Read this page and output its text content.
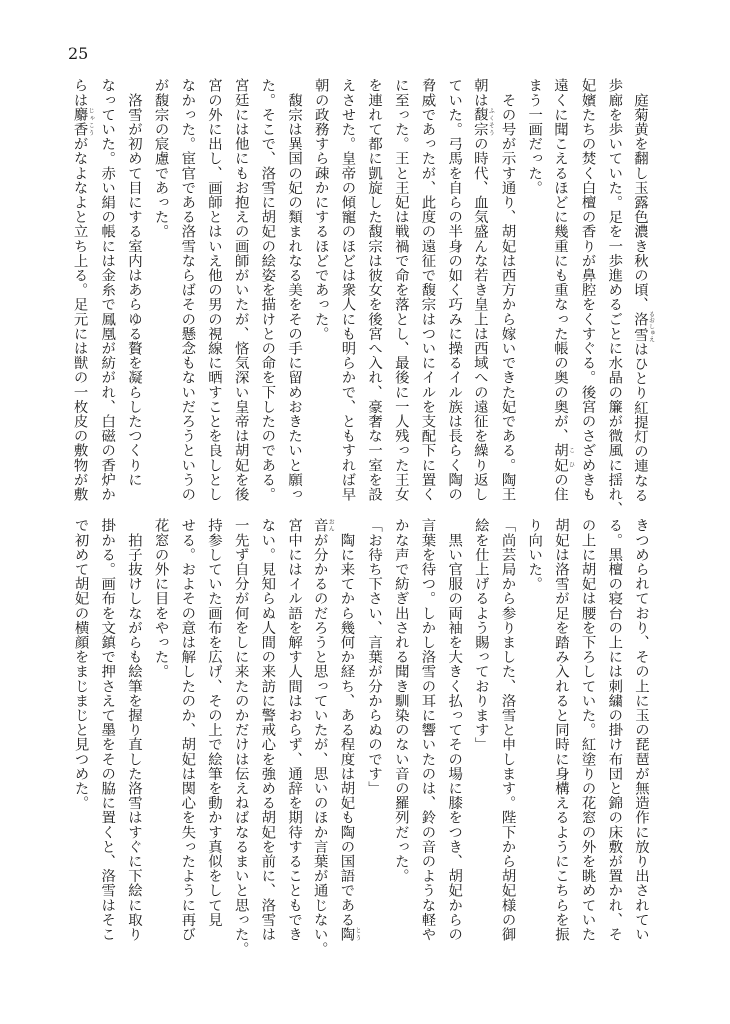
25
　庭菊黄を翻し玉露色濃き秋の頃、洛雪 るおしゅえはひとり紅提灯の連なる
歩廊を歩いていた。足を一歩進めるごとに水晶の簾が微風に揺れ、
妃嬪たちの焚く白檀の香りが鼻腔をくすぐる。後宮のさざめきも
遠くに聞こえるほどに幾重にも重なった帳の奥の奥が、胡妃 こひの住
まう一画だった。
　その号が示す通り、胡妃は西方から嫁いできた妃である。陶王
朝は馥宗 ふくそうの時代、血気盛んな若き皇上は西域への遠征を繰り返し
ていた。弓馬を自らの半身の如く巧みに操るイル族は長らく陶の
脅威であったが、此度の遠征で馥宗はついにイルを支配下に置く
に至った。王と王妃は戦禍で命を落とし、最後に一人残った王女
を連れて都に凱旋した馥宗は彼女を後宮へ入れ、豪奢な一室を設
えさせた。皇帝の傾寵のほどは衆人にも明らかで、ともすれば早
朝の政務すら疎かにするほどであった。
　馥宗は異国の妃の類まれなる美をその手に留めおきたいと願っ
た。そこで、洛雪に胡妃の絵姿を描けとの命を下したのである。
宮廷には他にもお抱えの画師がいたが、悋気深い皇帝は胡妃を後
宮の外に出し、画師とはいえ他の男の視線に晒すことを良しとし
なかった。宦官である洛雪ならばその懸念もないだろうというの
が馥宗の宸慮であった。
　洛雪が初めて目にする室内はあらゆる贅を凝らしたつくりに
なっていた。赤い絹の帳には金糸で鳳凰が紡がれ、白磁の香炉か
らは麝香 じゃこうがなよなよと立ち上る。足元には獣の一枚皮の敷物が敷
きつめられており、その上に玉の琵琶が無造作に放り出されてい
る。黒檀の寝台の上には刺繍の掛け布団と錦の床敷が置かれ、そ
の上に胡妃は腰を下ろしていた。紅塗りの花窓の外を眺めていた
胡妃は洛雪が足を踏み入れると同時に身構えるようにこちらを振
り向いた。
「尚芸局から参りました、洛雪と申します。陛下から胡妃様の御
絵を仕上げるよう賜っております」
　黒い官服の両袖を大きく払ってその場に膝をつき、胡妃からの
言葉を待つ。しかし洛雪の耳に響いたのは、鈴の音のような軽や
かな声で紡ぎ出される聞き馴染のない音の羅列だった。
「お待ち下さい、言葉が分からぬのです」
　陶に来てから幾何か経ち、ある程度は胡妃も陶の国語である陶 とう
音 おんが分かるのだろうと思っていたが、思いのほか言葉が通じない。
宮中にはイル語を解す人間はおらず、通辞を期待することもでき
ない。見知らぬ人間の来訪に警戒心を強める胡妃を前に、洛雪は
一先ず自分が何をしに来たのかだけは伝えねばなるまいと思った。
持参していた画布を広げ、その上で絵筆を動かす真似をして見
せる。およその意は解したのか、胡妃は関心を失ったように再び
花窓の外に目をやった。
　拍子抜けしながらも絵筆を握り直した洛雪はすぐに下絵に取り
掛かる。画布を文鎮で押さえて墨をその脇に置くと、洛雪はそこ
で初めて胡妃の横顔をまじまじと見つめた。
